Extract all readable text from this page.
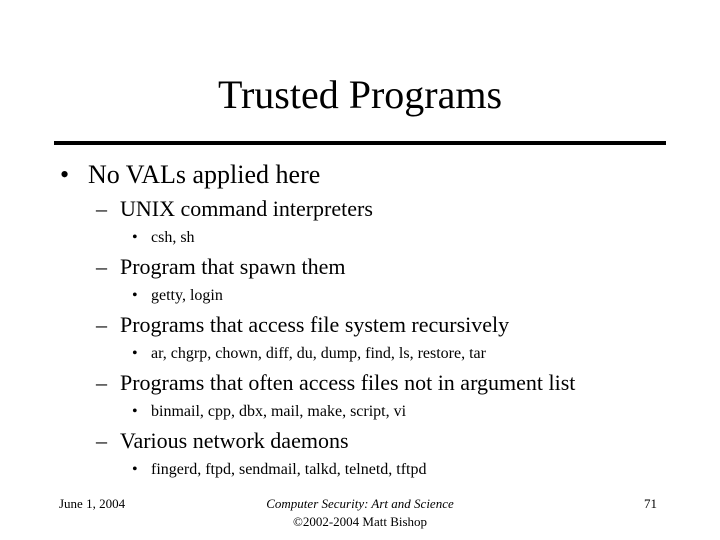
Trusted Programs
• No VALs applied here
– UNIX command interpreters
• csh, sh
– Program that spawn them
• getty, login
– Programs that access file system recursively
• ar, chgrp, chown, diff, du, dump, find, ls, restore, tar
– Programs that often access files not in argument list
• binmail, cpp, dbx, mail, make, script, vi
– Various network daemons
• fingerd, ftpd, sendmail, talkd, telnetd, tftpd
June 1, 2004	Computer Security: Art and Science
©2002-2004 Matt Bishop
71
